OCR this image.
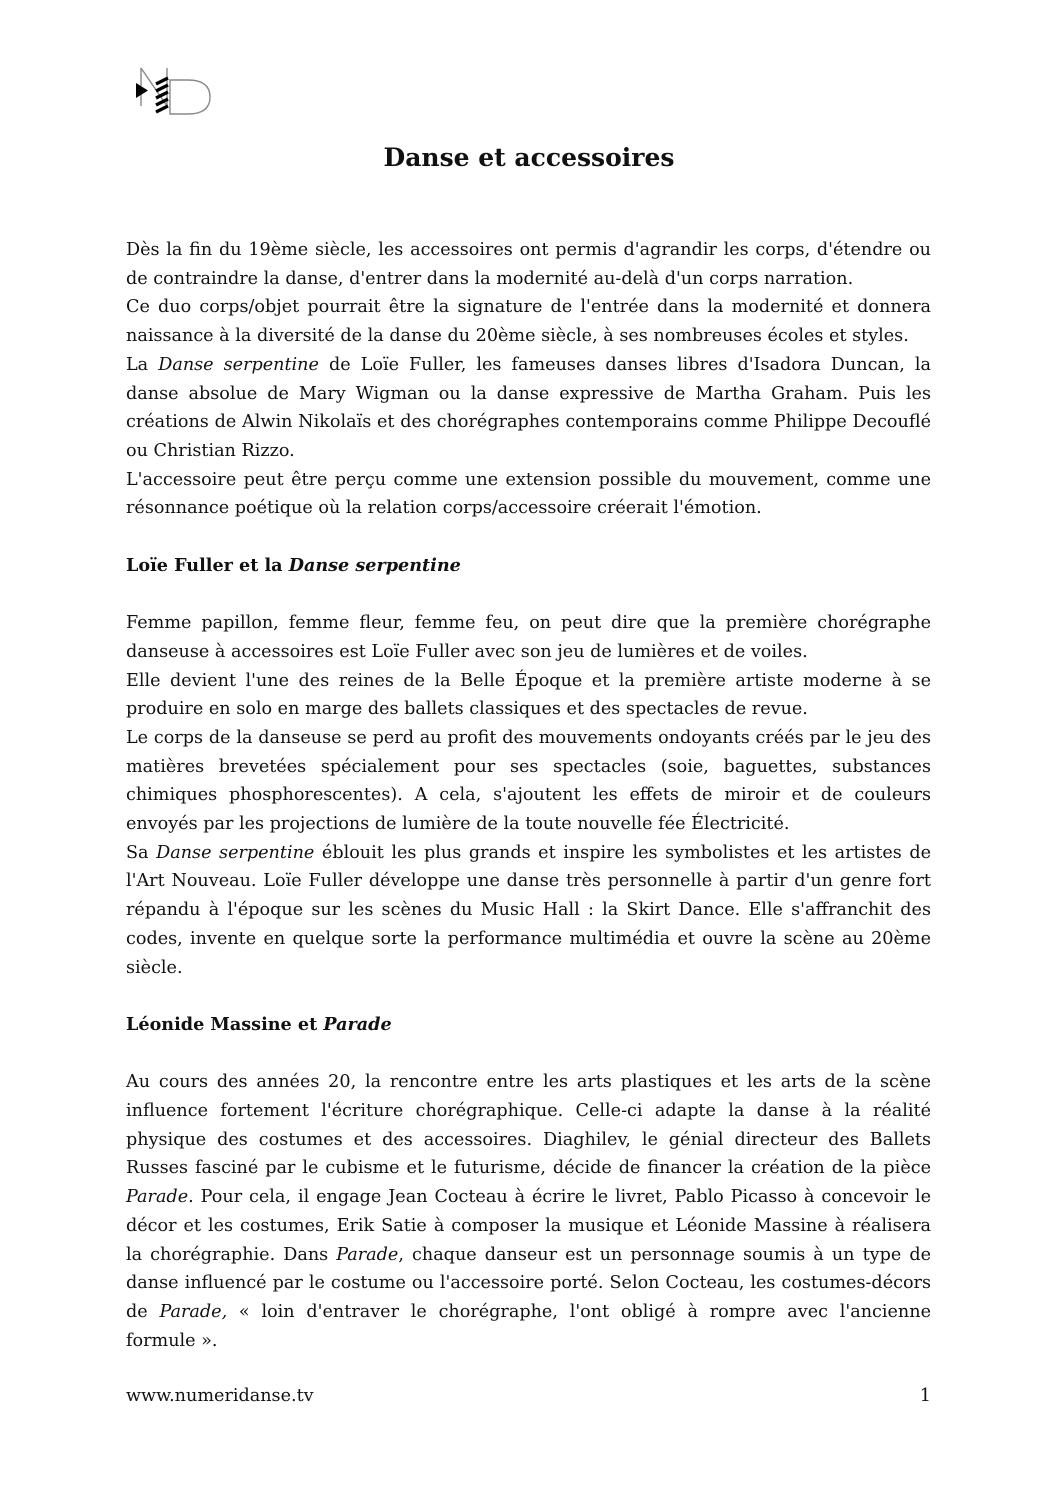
Danse et accessoires

Dès la fin du 19ème siècle, les accessoires ont permis d'agrandir les corps, d'étendre ou de contraindre la danse, d'entrer dans la modernité au-delà d'un corps narration.

Ce duo corps/objet pourrait être la signature de l'entrée dans la modernité et donnera naissance à la diversité de la danse du 20ème siècle, à ses nombreuses écoles et styles.

La Danse serpentine de Loïe Fuller, les fameuses danses libres d'Isadora Duncan, la danse absolue de Mary Wigman ou la danse expressive de Martha Graham. Puis les créations de Alwin Nikolaïs et des chorégraphes contemporains comme Philippe Decouflé ou Christian Rizzo.

L'accessoire peut être perçu comme une extension possible du mouvement, comme une résonnance poétique où la relation corps/accessoire créerait l'émotion.

Loïe Fuller et la Danse serpentine

Femme papillon, femme fleur, femme feu, on peut dire que la première chorégraphe danseuse à accessoires est Loïe Fuller avec son jeu de lumières et de voiles.

Elle devient l'une des reines de la Belle Époque et la première artiste moderne à se produire en solo en marge des ballets classiques et des spectacles de revue.

Le corps de la danseuse se perd au profit des mouvements ondoyants créés par le jeu des matières brevetées spécialement pour ses spectacles (soie, baguettes, substances chimiques phosphorescentes). A cela, s'ajoutent les effets de miroir et de couleurs envoyés par les projections de lumière de la toute nouvelle fée Électricité.

Sa Danse serpentine éblouit les plus grands et inspire les symbolistes et les artistes de l'Art Nouveau. Loïe Fuller développe une danse très personnelle à partir d'un genre fort répandu à l'époque sur les scènes du Music Hall : la Skirt Dance. Elle s'affranchit des codes, invente en quelque sorte la performance multimédia et ouvre la scène au 20ème siècle.

Léonide Massine et Parade

Au cours des années 20, la rencontre entre les arts plastiques et les arts de la scène influence fortement l'écriture chorégraphique. Celle-ci adapte la danse à la réalité physique des costumes et des accessoires. Diaghilev, le génial directeur des Ballets Russes fasciné par le cubisme et le futurisme, décide de financer la création de la pièce Parade. Pour cela, il engage Jean Cocteau à écrire le livret, Pablo Picasso à concevoir le décor et les costumes, Erik Satie à composer la musique et Léonide Massine à réalisera la chorégraphie. Dans Parade, chaque danseur est un personnage soumis à un type de danse influencé par le costume ou l'accessoire porté. Selon Cocteau, les costumes-décors de Parade, « loin d'entraver le chorégraphe, l'ont obligé à rompre avec l'ancienne formule ».

www.numeridanse.tv	1
